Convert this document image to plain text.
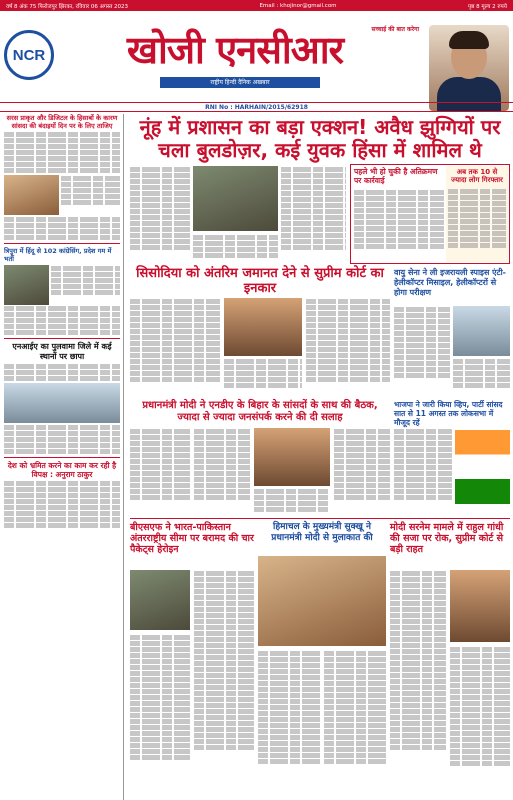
वर्ष 8 अंक 75 फिरोजपुर झिरका, रविवार 06 अगस्त 2023	Email : khojinor@gmail.com	पृष्ठ 8 मूल्य 2 रुपये
NCR	खोजी एनसीआर	सच्चाई की बात करेगा
राष्ट्रीय हिन्दी दैनिक अखबार
RNI No : HARHAIN/2015/62918
सरस प्राकृत और डिजिटल के हिसाबों के कारण सांसदा की बंदाइयों दिन पर के लिए ताजिए
त्रिपुरा में हिंदू से 102 कांग्रेसिंग, प्रदेश गम में भर्ती
एनआईए का पुलवामा जिले में कई स्थानों पर छापा
देश को भ्रमित करने का काम कर रही है विपक्ष : अनुराग ठाकुर
नूंह में प्रशासन का बड़ा एक्शन! अवैध झुग्गियों पर चला बुलडोज़र, कई युवक हिंसा में शामिल थे
पहले भी हो चुकी है अतिक्रमण पर कार्रवाई
अब तक 10 से ज्यादा लोग गिरफ्तार
सिसोदिया को अंतरिम जमानत देने से सुप्रीम कोर्ट का इनकार
वायु सेना ने ली इजरायली स्पाइस एंटी-हेलीकॉप्टर मिसाइल, हेलीकॉप्टरों से होगा परीक्षण
प्रधानमंत्री मोदी ने एनडीए के बिहार के सांसदों के साथ की बैठक, ज्यादा से ज्यादा जनसंपर्क करने की दी सलाह
भाजपा ने जारी किया व्हिप, पार्टी सांसद सात से 11 अगस्त तक लोकसभा में मौजूद रहें
बीएसएफ ने भारत-पाकिस्तान अंतरराष्ट्रीय सीमा पर बरामद की चार पैकेट्स हेरोइन
हिमाचल के मुख्यमंत्री सुक्खू ने प्रधानमंत्री मोदी से मुलाकात की
मोदी सरनेम मामले में राहुल गांधी की सजा पर रोक, सुप्रीम कोर्ट से बड़ी राहत
